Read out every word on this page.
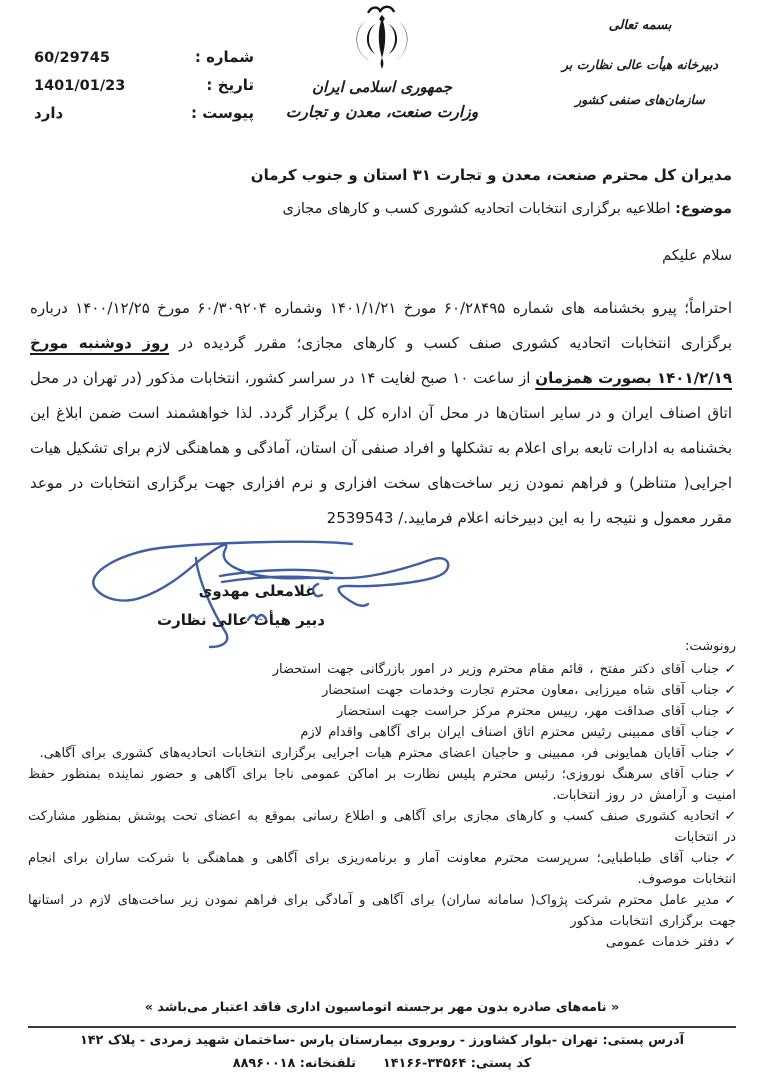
شماره :
60/29745
تاریخ :
1401/01/23
پیوست :
دارد
جمهوری اسلامی ایران
وزارت صنعت، معدن و تجارت
بسمه تعالی
دبیرخانه هیأت عالی نظارت بر
سازمان‌های صنفی کشور
مدیران کل محترم صنعت، معدن و تجارت ۳۱ استان و جنوب کرمان
موضوع: اطلاعیه برگزاری انتخابات اتحادیه کشوری کسب و کارهای مجازی
سلام علیکم

احتراماً؛ پیرو بخشنامه های شماره ۶۰/۲۸۴۹۵ مورخ ۱۴۰۱/۱/۲۱ وشماره ۶۰/۳۰۹۲۰۴ مورخ ۱۴۰۰/۱۲/۲۵ درباره برگزاری انتخابات اتحادیه کشوری صنف کسب و کارهای مجازی؛ مقرر گردیده در روز دوشنبه مورخ ۱۴۰۱/۲/۱۹ بصورت همزمان از ساعت ۱۰ صبح لغایت ۱۴ در سراسر کشور، انتخابات مذکور (در تهران در محل اتاق اصناف ایران و در سایر استان‌ها در محل آن اداره کل ) برگزار گردد. لذا خواهشمند است ضمن ابلاغ این بخشنامه به ادارات تابعه برای اعلام به تشکلها و افراد صنفی آن استان، آمادگی و هماهنگی لازم برای تشکیل هیات اجرایی( متناظر) و فراهم نمودن زیر ساخت‌های سخت افزاری و نرم افزاری جهت برگزاری انتخابات در موعد مقرر معمول و نتیجه را به این دبیرخانه اعلام فرمایید./ 2539543

غلامعلی مهدوی
دبیر هیأت عالی نظارت
رونوشت:
✓جناب آقای دکتر مفتح ، قائم مقام محترم وزیر در امور بازرگانی جهت استحضار
✓جناب آقای شاه میرزایی ،معاون محترم تجارت وخدمات جهت استحضار
✓جناب آقای صداقت مهر، رییس محترم مرکز حراست جهت استحضار
✓جناب آقای ممبینی رئیس محترم اتاق اصناف ایران برای آگاهی واقدام لازم
✓جناب آقایان همایونی فر، ممبینی و حاجیان اعضای محترم هیات اجرایی برگزاری انتخابات اتحادیه‌های کشوری برای آگاهی.
✓جناب آقای سرهنگ نوروزی؛ رئیس محترم پلیس نظارت بر اماکن عمومی ناجا برای آگاهی و حضور نماینده بمنظور حفظ امنیت و آرامش در روز انتخابات.
✓اتحادیه کشوری صنف کسب و کارهای مجازی برای آگاهی و اطلاع رسانی بموقع به اعضای تحت پوشش بمنظور مشارکت در انتخابات
✓جناب آقای طباطبایی؛ سرپرست محترم معاونت آمار و برنامه‌ریزی برای آگاهی و هماهنگی با شرکت ساران برای انجام انتخابات موصوف.
✓مدیر عامل محترم شرکت پژواک( سامانه ساران) برای آگاهی و آمادگی برای فراهم نمودن زیر ساخت‌های لازم در استانها جهت برگزاری انتخابات مذکور
✓دفتر خدمات عمومی
« نامه‌های صادره بدون مهر برجسته اتوماسیون اداری فاقد اعتبار می‌باشد »
آدرس پستی: تهران -بلوار کشاورز - روبروی بیمارستان پارس -ساختمان شهید زمردی - پلاک ۱۴۲
کد پستی: ۱۴۱۶۶-۳۴۵۶۴  تلفنخانه: ۸۸۹۶۰۰۱۸
